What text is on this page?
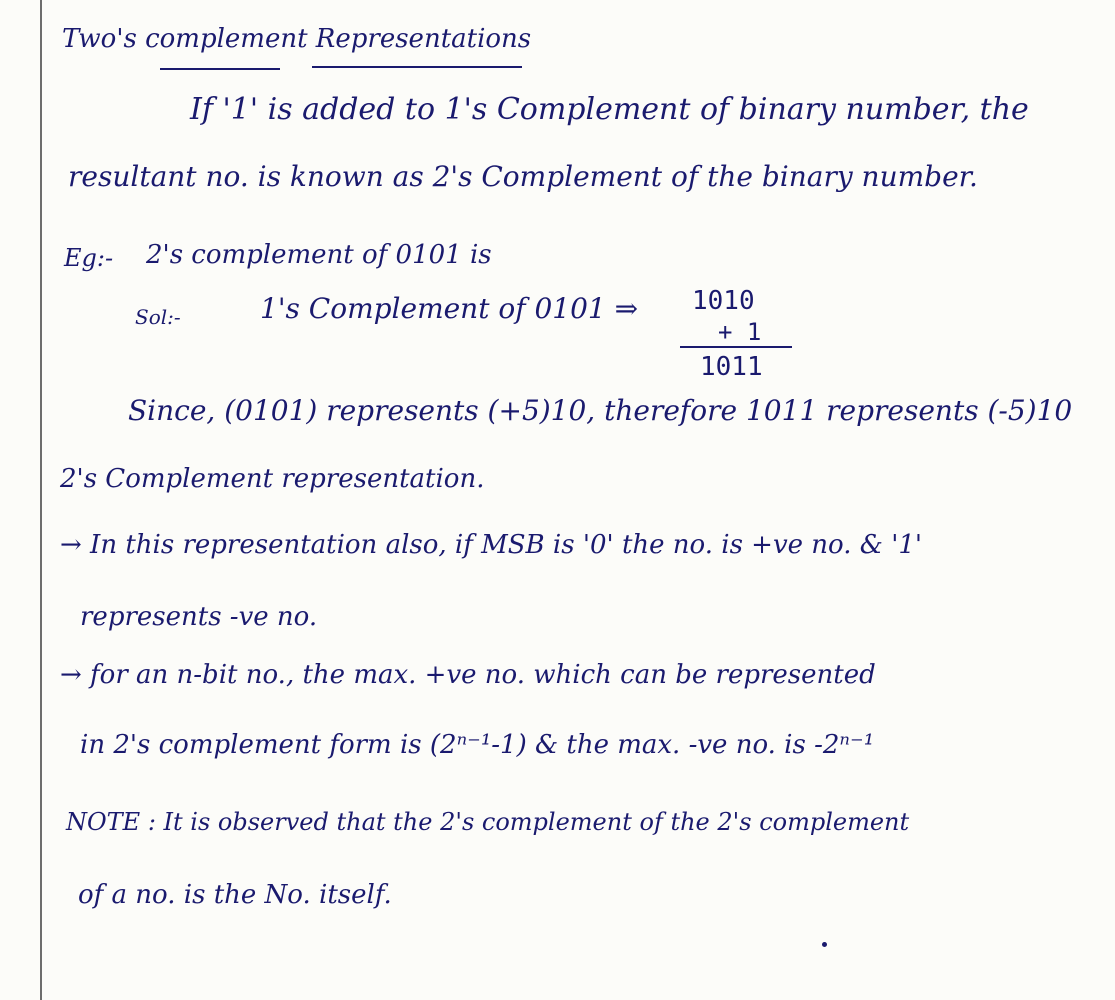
Two's complement Representations
If '1' is added to 1's Complement of binary number, the
resultant no. is known as 2's Complement of the binary number.
Eg:- 2's complement of 0101 is
Sol:-	1's Complement of 0101 ⇒ 1010
+ 1
1011
Since, (0101) represents (+5)10, therefore 1011 represents (-5)10
2's Complement representation.
→ In this representation also, if MSB is '0' the no. is +ve no. & '1'
represents -ve no.
→ for an n-bit no., the max. +ve no. which can be represented
in 2's complement form is (2ⁿ⁻¹-1) & the max. -ve no. is -2ⁿ⁻¹
NOTE : It is observed that the 2's complement of the 2's complement
of a no. is the No. itself.
